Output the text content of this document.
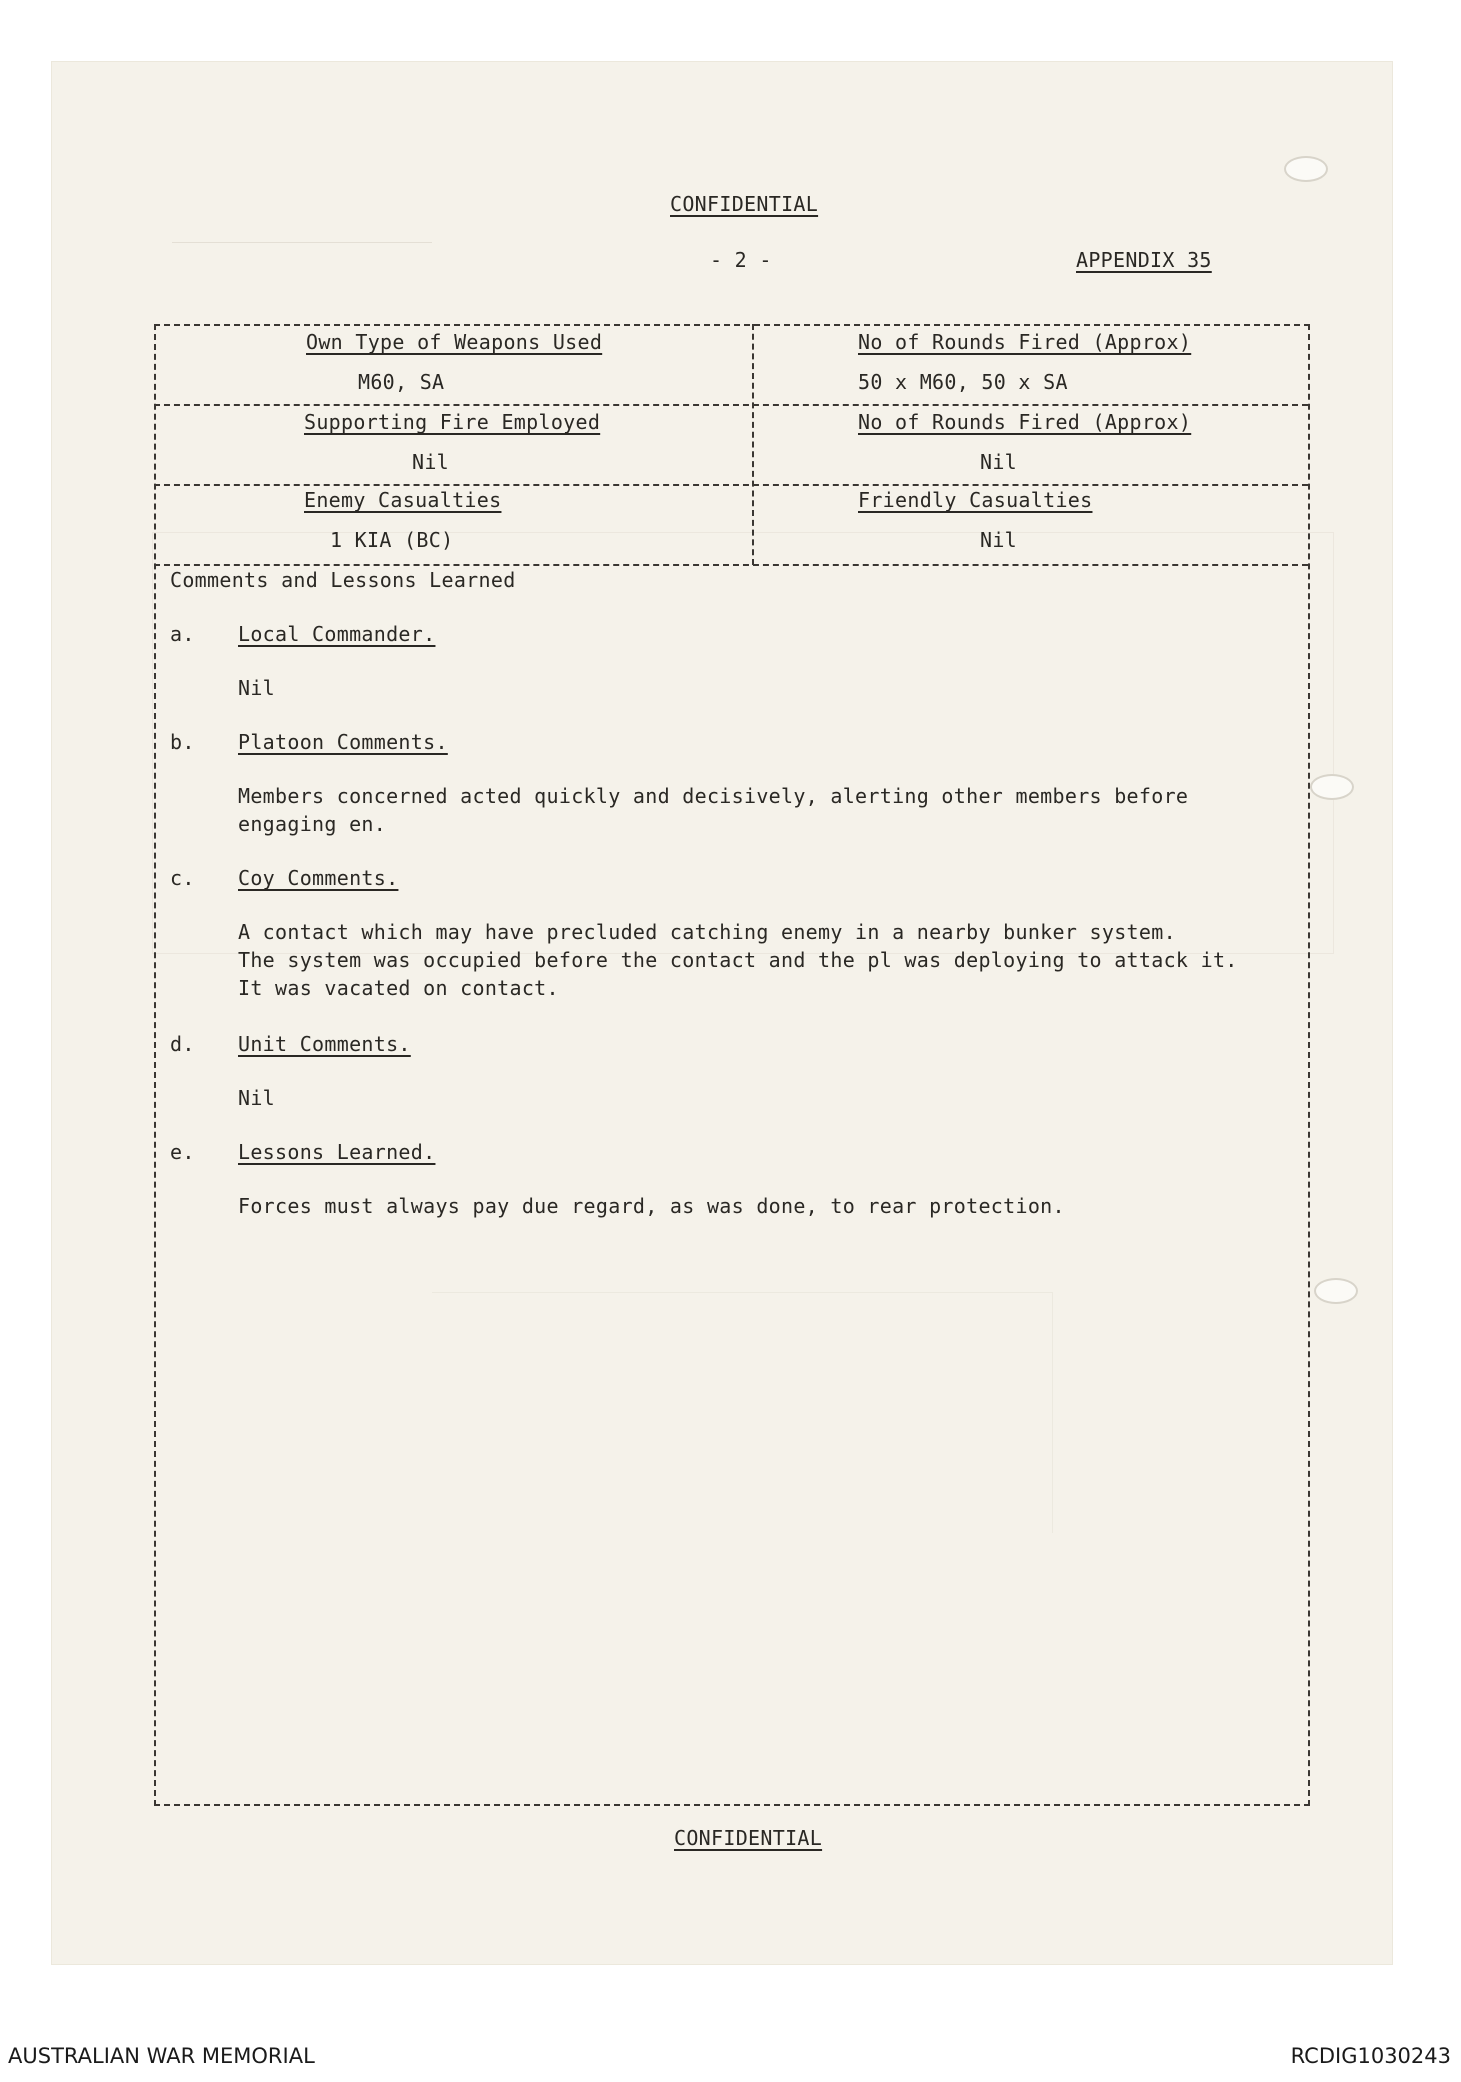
CONFIDENTIAL
- 2 -	APPENDIX 35
Own Type of Weapons Used
M60, SA
No of Rounds Fired (Approx)
50 x M60, 50 x SA
Supporting Fire Employed
Nil
No of Rounds Fired (Approx)
Nil
Enemy Casualties
1 KIA (BC)
Friendly Casualties
Nil
Comments and Lessons Learned
a. Local Commander.
Nil
b. Platoon Comments.
Members concerned acted quickly and decisively, alerting other members before
engaging en.
c. Coy Comments.
A contact which may have precluded catching enemy in a nearby bunker system.
The system was occupied before the contact and the pl was deploying to attack it.
It was vacated on contact.
d. Unit Comments.
Nil
e. Lessons Learned.
Forces must always pay due regard, as was done, to rear protection.
CONFIDENTIAL
AUSTRALIAN WAR MEMORIAL	RCDIG1030243
